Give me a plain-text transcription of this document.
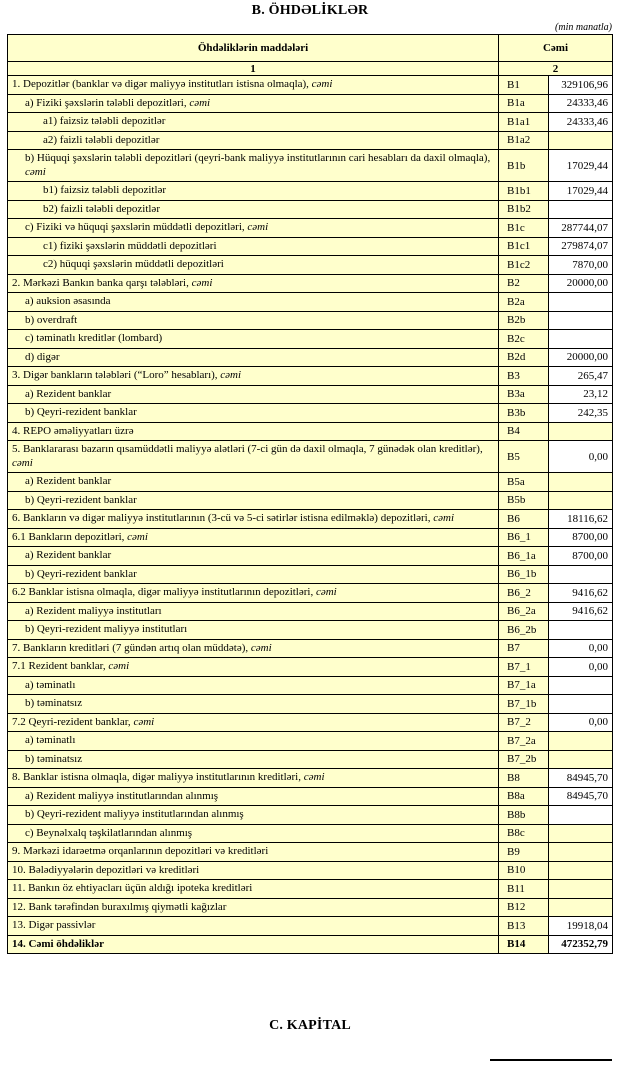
B. ÖHDƏLİKLƏR
(min manatla)
Öhdəliklərin maddələri	Cəmi	
1	2	
1. Depozitlər (banklar və digər maliyyə institutları istisna olmaqla), cəmi	B1	329106,96
a) Fiziki şəxslərin tələbli depozitləri, cəmi	B1a	24333,46
a1) faizsiz tələbli depozitlər	B1a1	24333,46
a2) faizli tələbli depozitlər	B1a2	
b) Hüquqi şəxslərin tələbli depozitləri (qeyri-bank maliyyə institutlarının cari hesabları da daxil olmaqla), cəmi	B1b	17029,44
b1) faizsiz tələbli depozitlər	B1b1	17029,44
b2) faizli tələbli depozitlər	B1b2	
c) Fiziki və hüquqi şəxslərin müddətli depozitləri, cəmi	B1c	287744,07
c1) fiziki şəxslərin müddətli depozitləri	B1c1	279874,07
c2) hüquqi şəxslərin müddətli depozitləri	B1c2	7870,00
2. Mərkəzi Bankın banka qarşı tələbləri, cəmi	B2	20000,00
a) auksion əsasında	B2a	
b) overdraft	B2b	
c) təminatlı kreditlər (lombard)	B2c	
d) digər	B2d	20000,00
3. Digər bankların tələbləri (“Loro” hesabları), cəmi	B3	265,47
a) Rezident banklar	B3a	23,12
b) Qeyri-rezident banklar	B3b	242,35
4. REPO əməliyyatları üzrə	B4	
5. Banklararası bazarın qısamüddətli maliyyə alətləri (7-ci gün də daxil olmaqla, 7 günədək olan kreditlər), cəmi	B5	0,00
a) Rezident banklar	B5a	
b) Qeyri-rezident banklar	B5b	
6. Bankların və digər maliyyə institutlarının (3-cü və 5-ci sətirlər istisna edilməklə) depozitləri, cəmi	B6	18116,62
6.1 Bankların depozitləri, cəmi	B6_1	8700,00
a) Rezident banklar	B6_1a	8700,00
b) Qeyri-rezident banklar	B6_1b	
6.2 Banklar istisna olmaqla, digər maliyyə institutlarının depozitləri, cəmi	B6_2	9416,62
a) Rezident maliyyə institutları	B6_2a	9416,62
b) Qeyri-rezident maliyyə institutları	B6_2b	
7. Bankların kreditləri (7 gündən artıq olan müddətə), cəmi	B7	0,00
7.1 Rezident banklar, cəmi	B7_1	0,00
a) təminatlı	B7_1a	
b) təminatsız	B7_1b	
7.2 Qeyri-rezident banklar, cəmi	B7_2	0,00
a) təminatlı	B7_2a	
b) təminatsız	B7_2b	
8. Banklar istisna olmaqla, digər maliyyə institutlarının kreditləri, cəmi	B8	84945,70
a) Rezident maliyyə institutlarından alınmış	B8a	84945,70
b) Qeyri-rezident maliyyə institutlarından alınmış	B8b	
c) Beynəlxalq təşkilatlarından alınmış	B8c	
9. Mərkəzi idarəetmə orqanlarının depozitləri və kreditləri	B9	
10. Bələdiyyələrin depozitləri və kreditləri	B10	
11. Bankın öz ehtiyacları üçün aldığı ipoteka kreditləri	B11	
12. Bank tərəfindən buraxılmış qiymətli kağızlar	B12	
13. Digər passivlər	B13	19918,04
14. Cəmi öhdəliklər	B14	472352,79
C. KAPİTAL
